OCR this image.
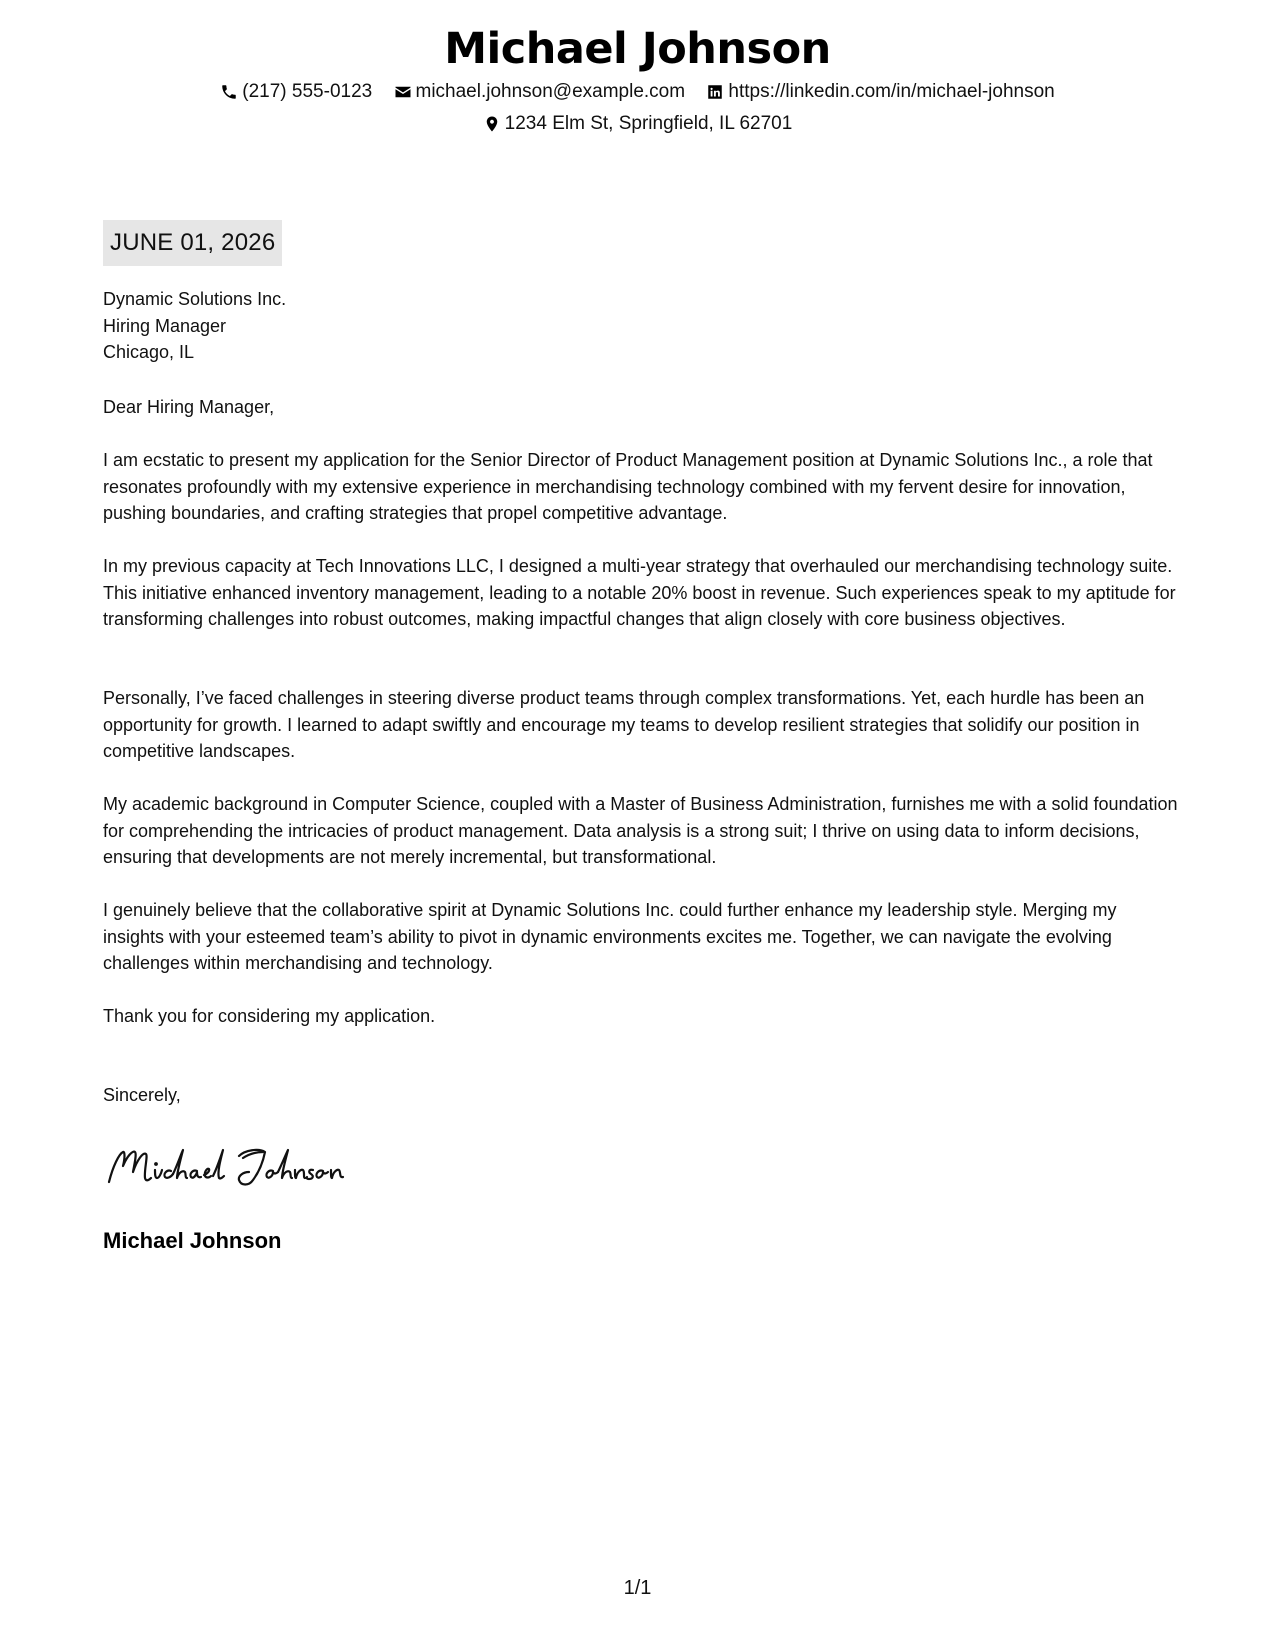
Michael Johnson
(217) 555-0123
michael.johnson@example.com
https://linkedin.com/in/michael-johnson
1234 Elm St, Springfield, IL 62701
JUNE 01, 2026
Dynamic Solutions Inc.
Hiring Manager
Chicago, IL

Dear Hiring Manager,

I am ecstatic to present my application for the Senior Director of Product Management position at Dynamic Solutions Inc., a role that resonates profoundly with my extensive experience in merchandising technology combined with my fervent desire for innovation, pushing boundaries, and crafting strategies that propel competitive advantage.

In my previous capacity at Tech Innovations LLC, I designed a multi-year strategy that overhauled our merchandising technology suite. This initiative enhanced inventory management, leading to a notable 20% boost in revenue. Such experiences speak to my aptitude for transforming challenges into robust outcomes, making impactful changes that align closely with core business objectives.

Personally, I’ve faced challenges in steering diverse product teams through complex transformations. Yet, each hurdle has been an opportunity for growth. I learned to adapt swiftly and encourage my teams to develop resilient strategies that solidify our position in competitive landscapes.

My academic background in Computer Science, coupled with a Master of Business Administration, furnishes me with a solid foundation for comprehending the intricacies of product management. Data analysis is a strong suit; I thrive on using data to inform decisions, ensuring that developments are not merely incremental, but transformational.

I genuinely believe that the collaborative spirit at Dynamic Solutions Inc. could further enhance my leadership style. Merging my insights with your esteemed team’s ability to pivot in dynamic environments excites me. Together, we can navigate the evolving challenges within merchandising and technology.

Thank you for considering my application.

Sincerely,

Michael Johnson
1/1
